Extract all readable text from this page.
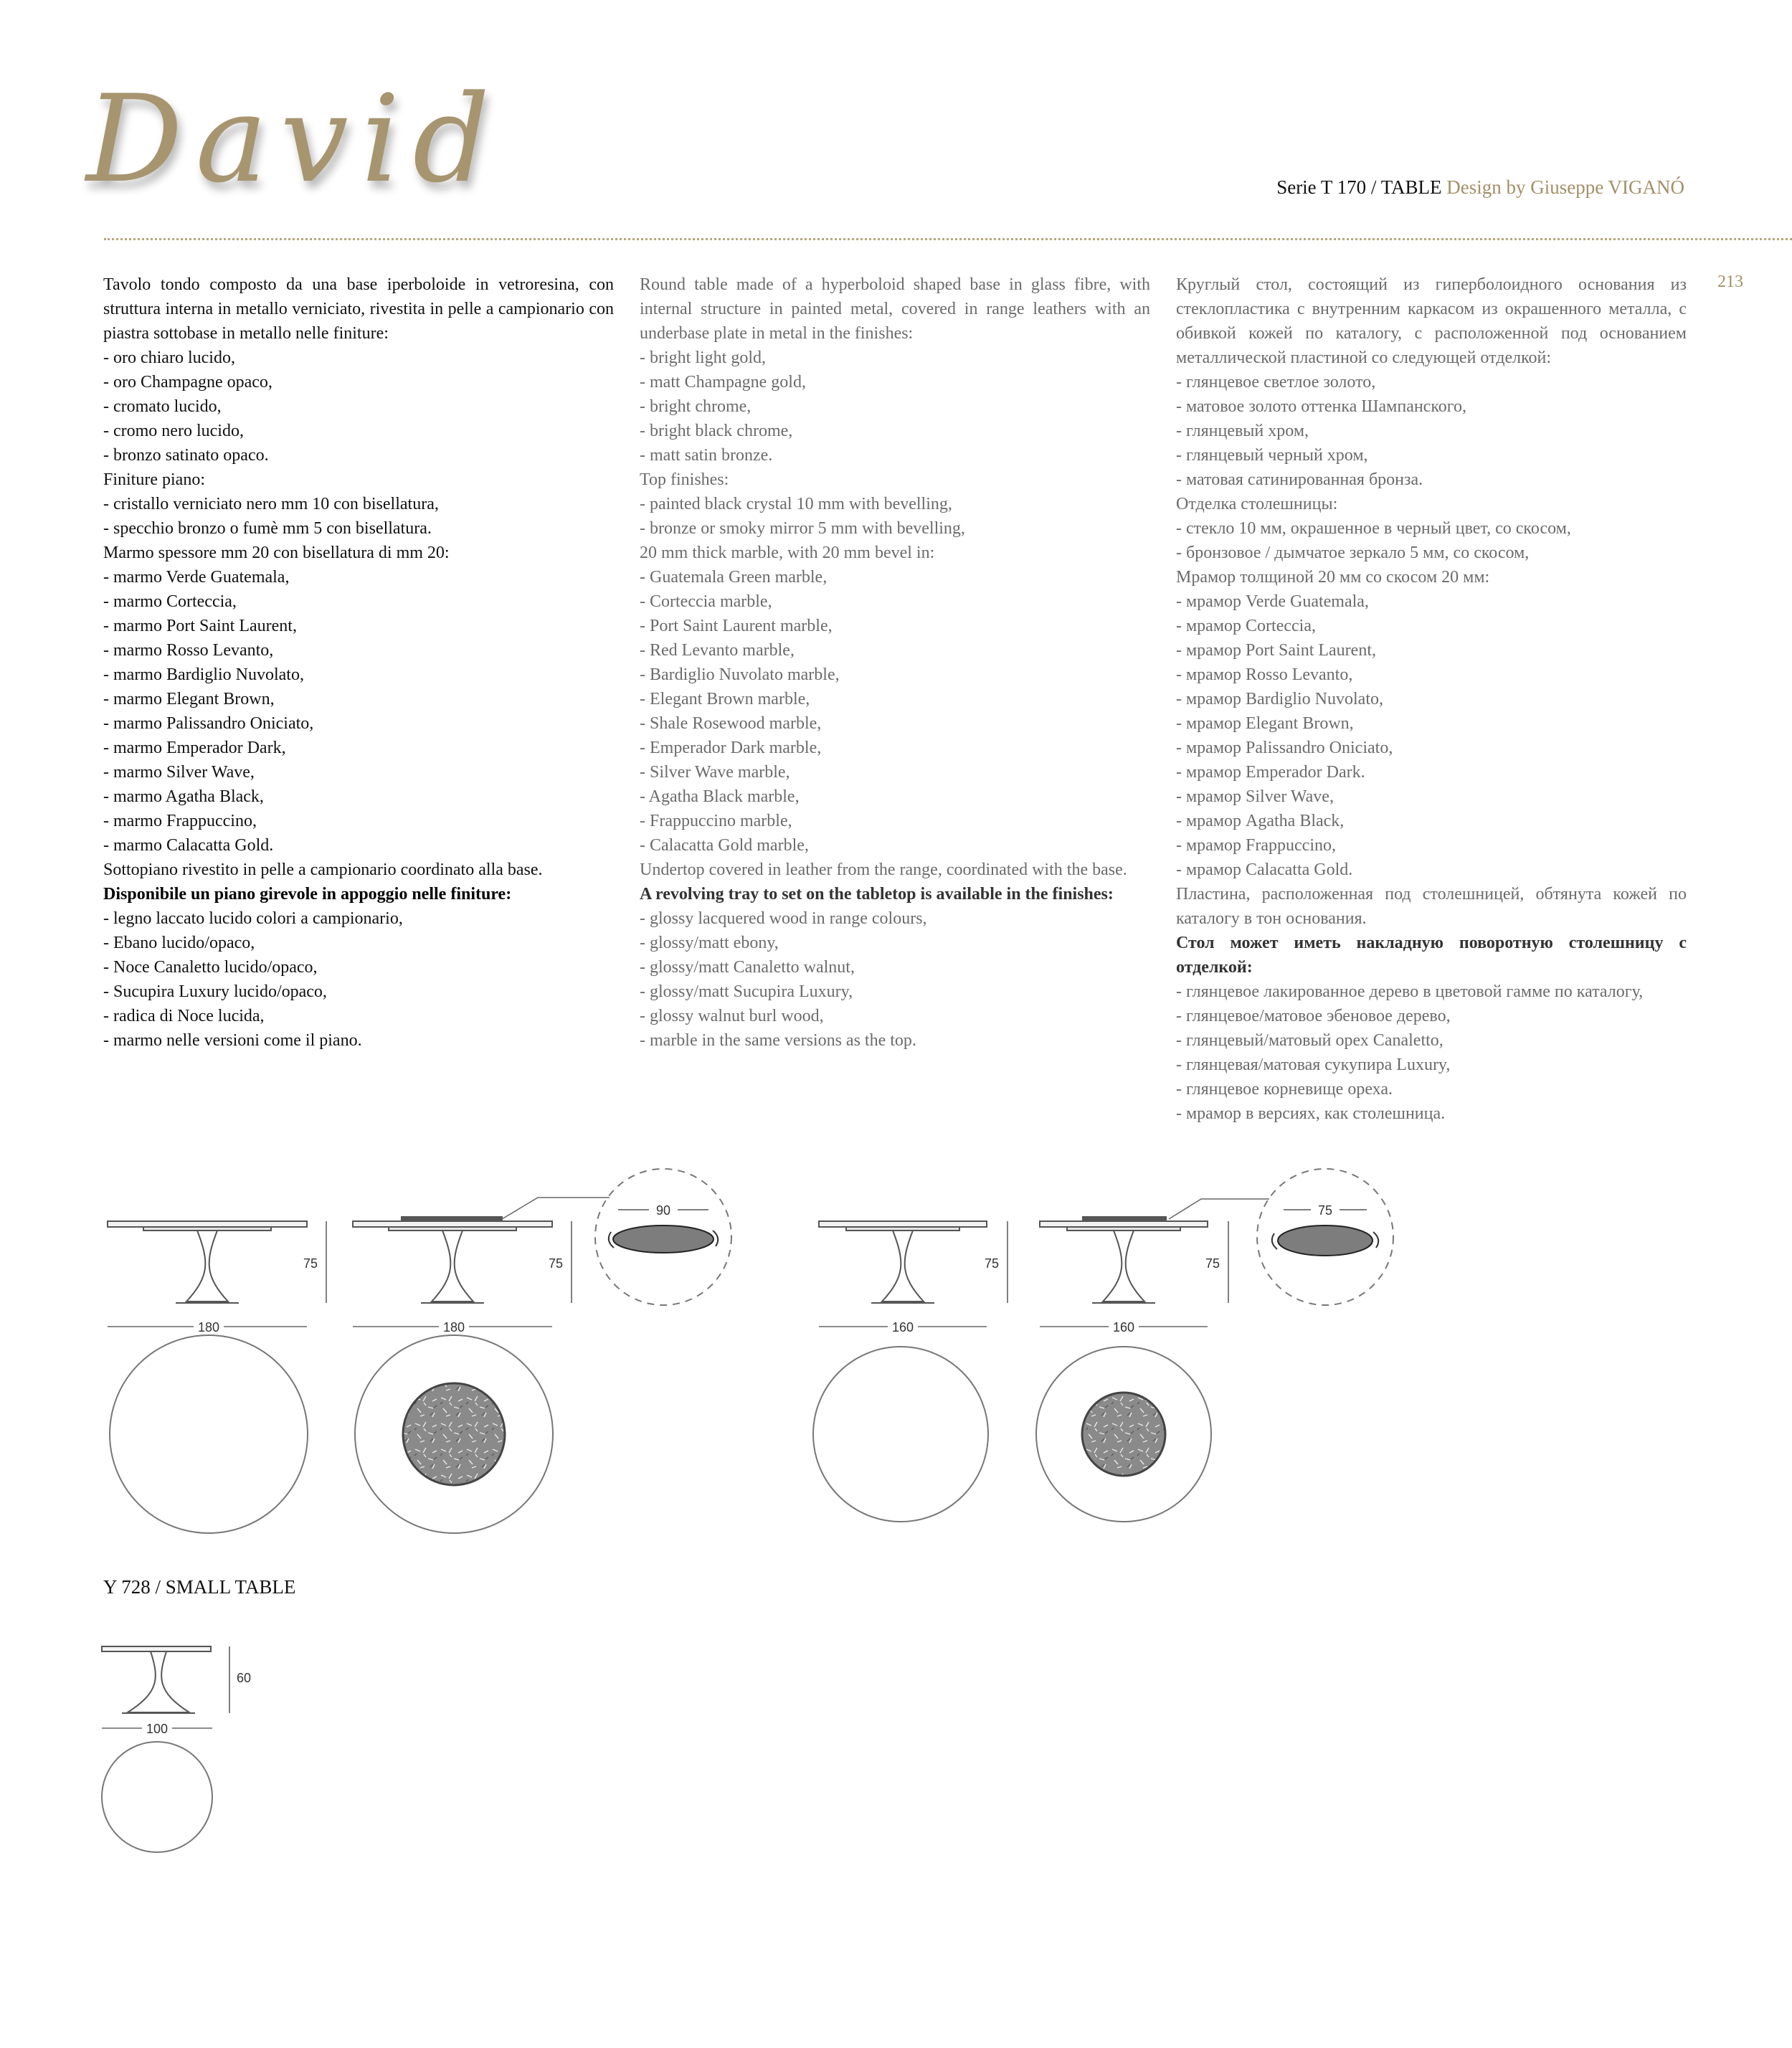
David	Serie T 170 / TABLE Design by Giuseppe VIGANÓ
213

Tavolo tondo composto da una base iperboloide in vetroresina, con struttura interna in metallo verniciato, rivestita in pelle a campionario con piastra sottobase in metallo nelle finiture:

- oro chiaro lucido,
- oro Champagne opaco,
- cromato lucido,
- cromo nero lucido,
- bronzo satinato opaco.
Finiture piano:
- cristallo verniciato nero mm 10 con bisellatura,
- specchio bronzo o fumè mm 5 con bisellatura.
Marmo spessore mm 20 con bisellatura di mm 20:
- marmo Verde Guatemala,
- marmo Corteccia,
- marmo Port Saint Laurent,
- marmo Rosso Levanto,
- marmo Bardiglio Nuvolato,
- marmo Elegant Brown,
- marmo Palissandro Oniciato,
- marmo Emperador Dark,
- marmo Silver Wave,
- marmo Agatha Black,
- marmo Frappuccino,
- marmo Calacatta Gold.
Sottopiano rivestito in pelle a campionario coordinato alla base.
Disponibile un piano girevole in appoggio nelle finiture:
- legno laccato lucido colori a campionario,
- Ebano lucido/opaco,
- Noce Canaletto lucido/opaco,
- Sucupira Luxury lucido/opaco,
- radica di Noce lucida,
- marmo nelle versioni come il piano.

Round table made of a hyperboloid shaped base in glass fibre, with internal structure in painted metal, covered in range leathers with an underbase plate in metal in the finishes:

- bright light gold,
- matt Champagne gold,
- bright chrome,
- bright black chrome,
- matt satin bronze.
Top finishes:
- painted black crystal 10 mm with bevelling,
- bronze or smoky mirror 5 mm with bevelling,
20 mm thick marble, with 20 mm bevel in:
- Guatemala Green marble,
- Corteccia marble,
- Port Saint Laurent marble,
- Red Levanto marble,
- Bardiglio Nuvolato marble,
- Elegant Brown marble,
- Shale Rosewood marble,
- Emperador Dark marble,
- Silver Wave marble,
- Agatha Black marble,
- Frappuccino marble,
- Calacatta Gold marble,
Undertop covered in leather from the range, coordinated with the base.
A revolving tray to set on the tabletop is available in the finishes:
- glossy lacquered wood in range colours,
- glossy/matt ebony,
- glossy/matt Canaletto walnut,
- glossy/matt Sucupira Luxury,
- glossy walnut burl wood,
- marble in the same versions as the top.

Круглый стол, состоящий из гиперболоидного основания из стеклопластика с внутренним каркасом из окрашенного металла, с обивкой кожей по каталогу, с расположенной под основанием металлической пластиной со следующей отделкой:

- глянцевое светлое золото,
- матовое золото оттенка Шампанского,
- глянцевый хром,
- глянцевый черный хром,
- матовая сатинированная бронза.
Отделка столешницы:
- стекло 10 мм, окрашенное в черный цвет, со скосом,
- бронзовое / дымчатое зеркало 5 мм, со скосом,
Мрамор толщиной 20 мм со скосом 20 мм:
- мрамор Verde Guatemala,
- мрамор Corteccia,
- мрамор Port Saint Laurent,
- мрамор Rosso Levanto,
- мрамор Bardiglio Nuvolato,
- мрамор Elegant Brown,
- мрамор Palissandro Oniciato,
- мрамор Emperador Dark.
- мрамор Silver Wave,
- мрамор Agatha Black,
- мрамор Frappuccino,
- мрамор Calacatta Gold.

Пластина, расположенная под столешницей, обтянута кожей по каталогу в тон основания.

Стол может иметь накладную поворотную столешницу с отделкой:

- глянцевое лакированное дерево в цветовой гамме по каталогу,
- глянцевое/матовое эбеновое дерево,
- глянцевый/матовый орех Canaletto,
- глянцевая/матовая сукупира Luxury,
- глянцевое корневище ореха.
- мрамор в версиях, как столешница.
75
180
75
180
90
75
160
75
160
75
60
100
Y 728 / SMALL TABLE
